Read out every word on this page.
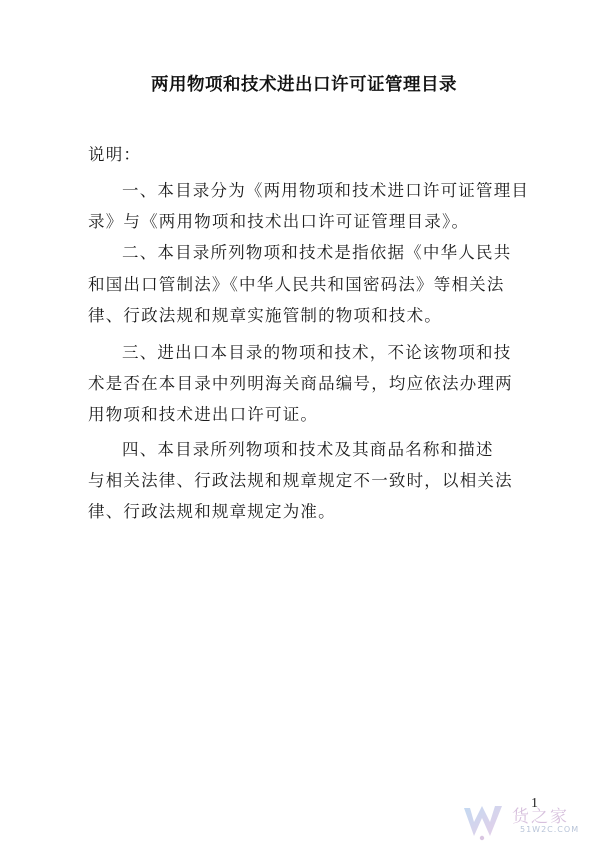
两用物项和技术进出口许可证管理目录
说明：
一、本目录分为《两用物项和技术进口许可证管理目
录》与《两用物项和技术出口许可证管理目录》。
二、本目录所列物项和技术是指依据《中华人民共
和国出口管制法》《中华人民共和国密码法》等相关法
律、行政法规和规章实施管制的物项和技术。
三、进出口本目录的物项和技术，不论该物项和技
术是否在本目录中列明海关商品编号，均应依法办理两
用物项和技术进出口许可证。
四、本目录所列物项和技术及其商品名称和描述
与相关法律、行政法规和规章规定不一致时，以相关法
律、行政法规和规章规定为准。
货之家
51W2C.COM
1
